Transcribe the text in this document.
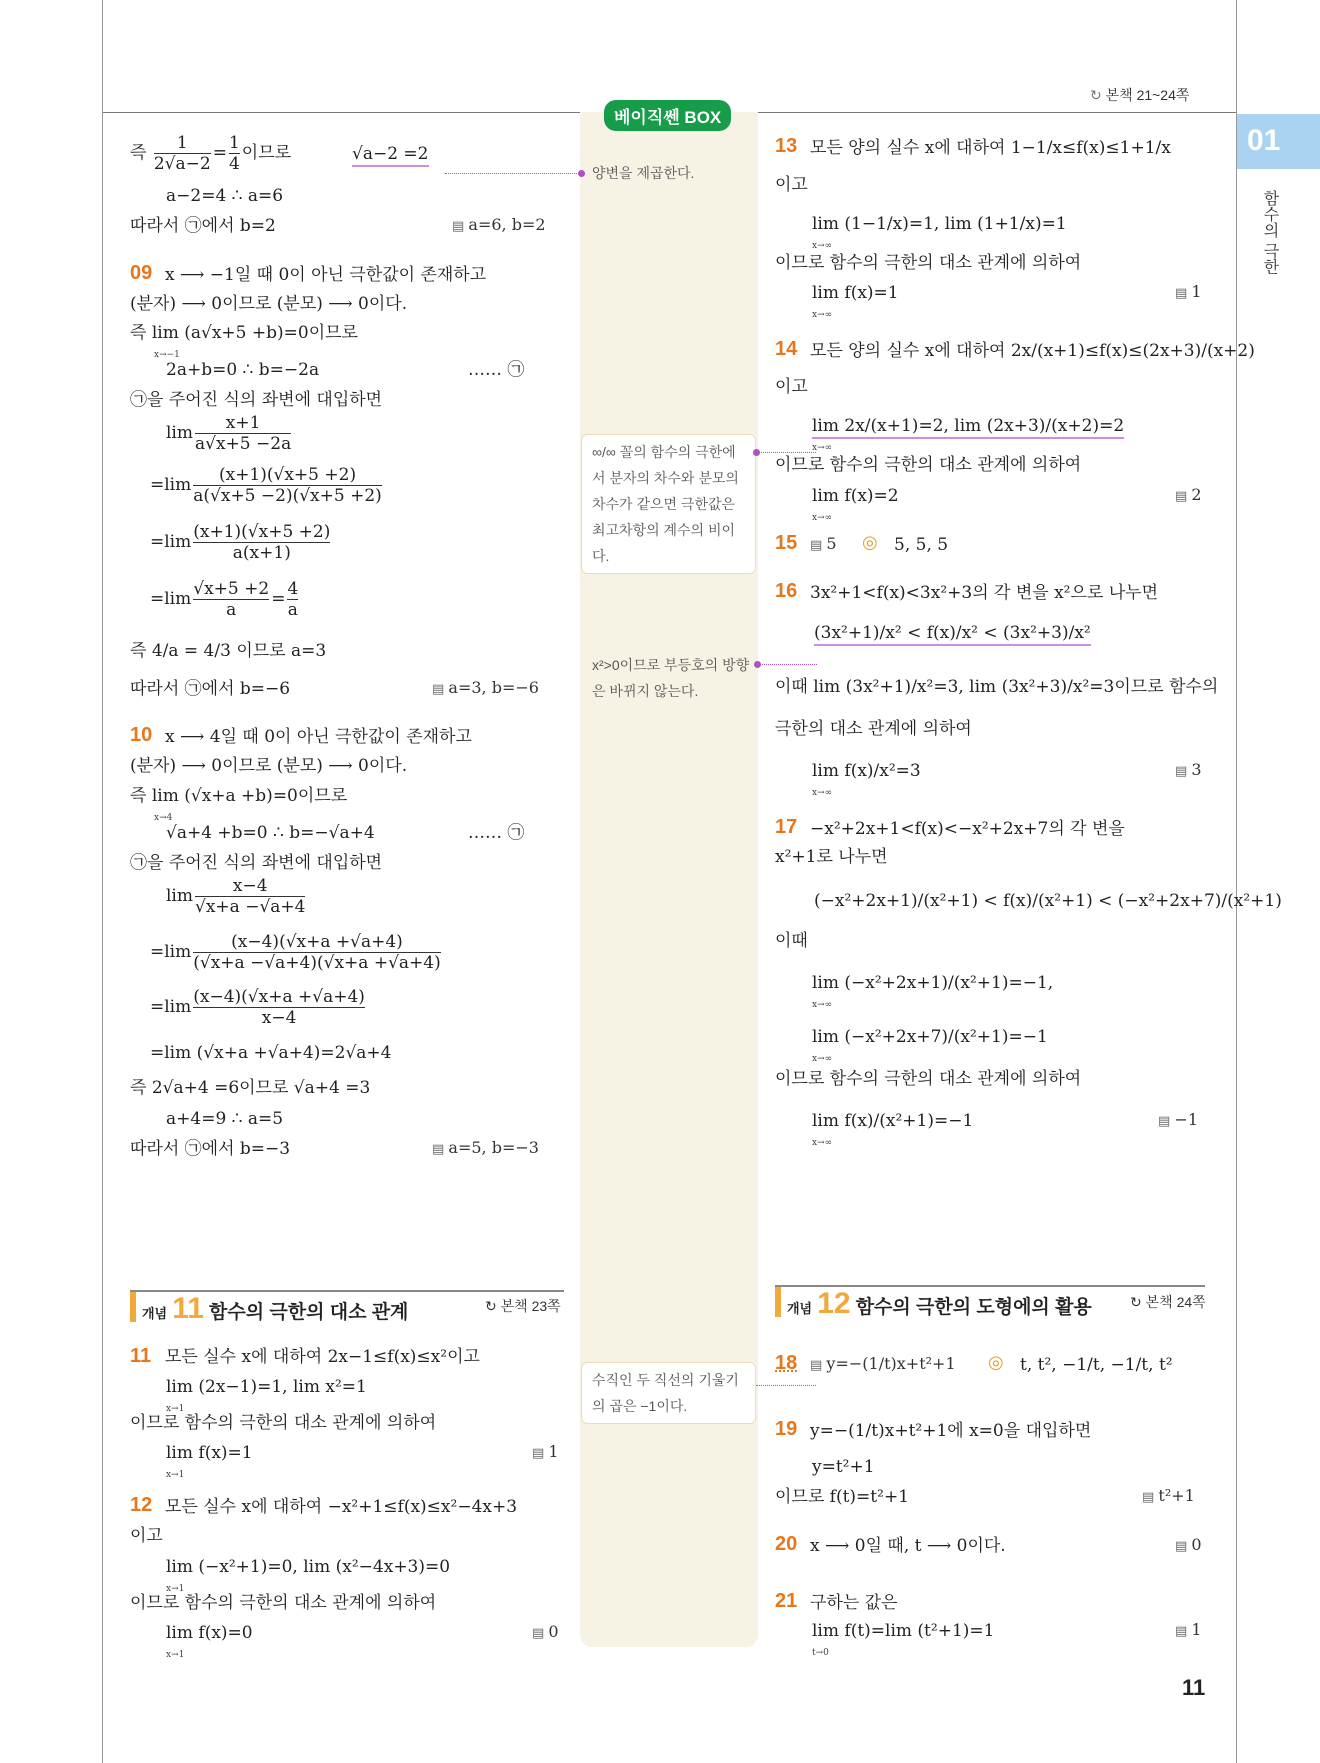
↻ 본책 21~24쪽
베이직쎈 BOX
01
함수의 극한
즉 $\frac{1}{2√a-2} = \frac{1}{4}$ 이므로	√a−2 =2
a−2=4 ∴ a=6
따라서 ㉠에서 b=2	▤ a=6, b=2
09 x ⟶ −1일 때 0이 아닌 극한값이 존재하고
(분자) ⟶ 0이므로 (분모) ⟶ 0이다.
즉 lim (a√x+5 +b)=0이므로
x→−1
2a+b=0 ∴ b=−2a	…… ㉠
㉠을 주어진 식의 좌변에 대입하면
$\lim \frac{x+1}{a√x+5 -2a}$
$=\lim \frac{(x+1)(√x+5 +2)}{a(√x+5 -2)(√x+5 +2)}$
$=\lim \frac{(x+1)(√x+5 +2)}{a(x+1)}$
$=\lim \frac{√x+5 +2}{a} = \frac{4}{a}$
즉 4/a = 4/3 이므로 a=3
따라서 ㉠에서 b=−6	▤ a=3, b=−6
10 x ⟶ 4일 때 0이 아닌 극한값이 존재하고
(분자) ⟶ 0이므로 (분모) ⟶ 0이다.
즉 lim (√x+a +b)=0이므로
x→4
√a+4 +b=0 ∴ b=−√a+4	…… ㉠
㉠을 주어진 식의 좌변에 대입하면
$\lim \frac{x-4}{√x+a -√a+4}$
$=\lim \frac{(x-4)(√x+a +√a+4)}{(√x+a -√a+4)(√x+a +√a+4)}$
$=\lim \frac{(x-4)(√x+a +√a+4)}{x-4}$
=lim (√x+a +√a+4)=2√a+4
즉 2√a+4 =6이므로 √a+4 =3
a+4=9 ∴ a=5
따라서 ㉠에서 b=−3	▤ a=5, b=−3
개념 11 함수의 극한의 대소 관계	↻ 본책 23쪽
11 모든 실수 x에 대하여 2x−1≤f(x)≤x²이고
lim (2x−1)=1, lim x²=1
x→1
이므로 함수의 극한의 대소 관계에 의하여
lim f(x)=1
x→1
▤ 1
12 모든 실수 x에 대하여 −x²+1≤f(x)≤x²−4x+3
이고
lim (−x²+1)=0, lim (x²−4x+3)=0
x→1
이므로 함수의 극한의 대소 관계에 의하여
lim f(x)=0
x→1
▤ 0
양변을 제곱한다.
∞/∞ 꼴의 함수의 극한에서 분자의 차수와 분모의 차수가 같으면 극한값은 최고차항의 계수의 비이다.
x²>0이므로 부등호의 방향은 바뀌지 않는다.
수직인 두 직선의 기울기의 곱은 −1이다.
13 모든 양의 실수 x에 대하여 1−1/x≤f(x)≤1+1/x
이고
lim (1−1/x)=1, lim (1+1/x)=1
x→∞
이므로 함수의 극한의 대소 관계에 의하여
lim f(x)=1
x→∞
▤ 1
14 모든 양의 실수 x에 대하여 2x/(x+1)≤f(x)≤(2x+3)/(x+2)
이고
lim 2x/(x+1)=2, lim (2x+3)/(x+2)=2
x→∞
이므로 함수의 극한의 대소 관계에 의하여
lim f(x)=2
x→∞
▤ 2
15	▤ 5 ◎ 5, 5, 5
16 3x²+1<f(x)<3x²+3의 각 변을 x²으로 나누면
(3x²+1)/x² < f(x)/x² < (3x²+3)/x²
이때 lim (3x²+1)/x²=3, lim (3x²+3)/x²=3이므로 함수의
극한의 대소 관계에 의하여
lim f(x)/x²=3
x→∞
▤ 3
17 −x²+2x+1<f(x)<−x²+2x+7의 각 변을
x²+1로 나누면
(−x²+2x+1)/(x²+1) < f(x)/(x²+1) < (−x²+2x+7)/(x²+1)
이때
lim (−x²+2x+1)/(x²+1)=−1,
x→∞
lim (−x²+2x+7)/(x²+1)=−1
x→∞
이므로 함수의 극한의 대소 관계에 의하여
lim f(x)/(x²+1)=−1
x→∞
▤ −1
개념 12 함수의 극한의 도형에의 활용	↻ 본책 24쪽
18	▤ y=−(1/t)x+t²+1 ◎ t, t², −1/t, −1/t, t²
19 y=−(1/t)x+t²+1에 x=0을 대입하면
y=t²+1
이므로 f(t)=t²+1	▤ t²+1
20 x ⟶ 0일 때, t ⟶ 0이다.	▤ 0
21 구하는 값은
lim f(t)=lim (t²+1)=1
t→0
▤ 1
11
